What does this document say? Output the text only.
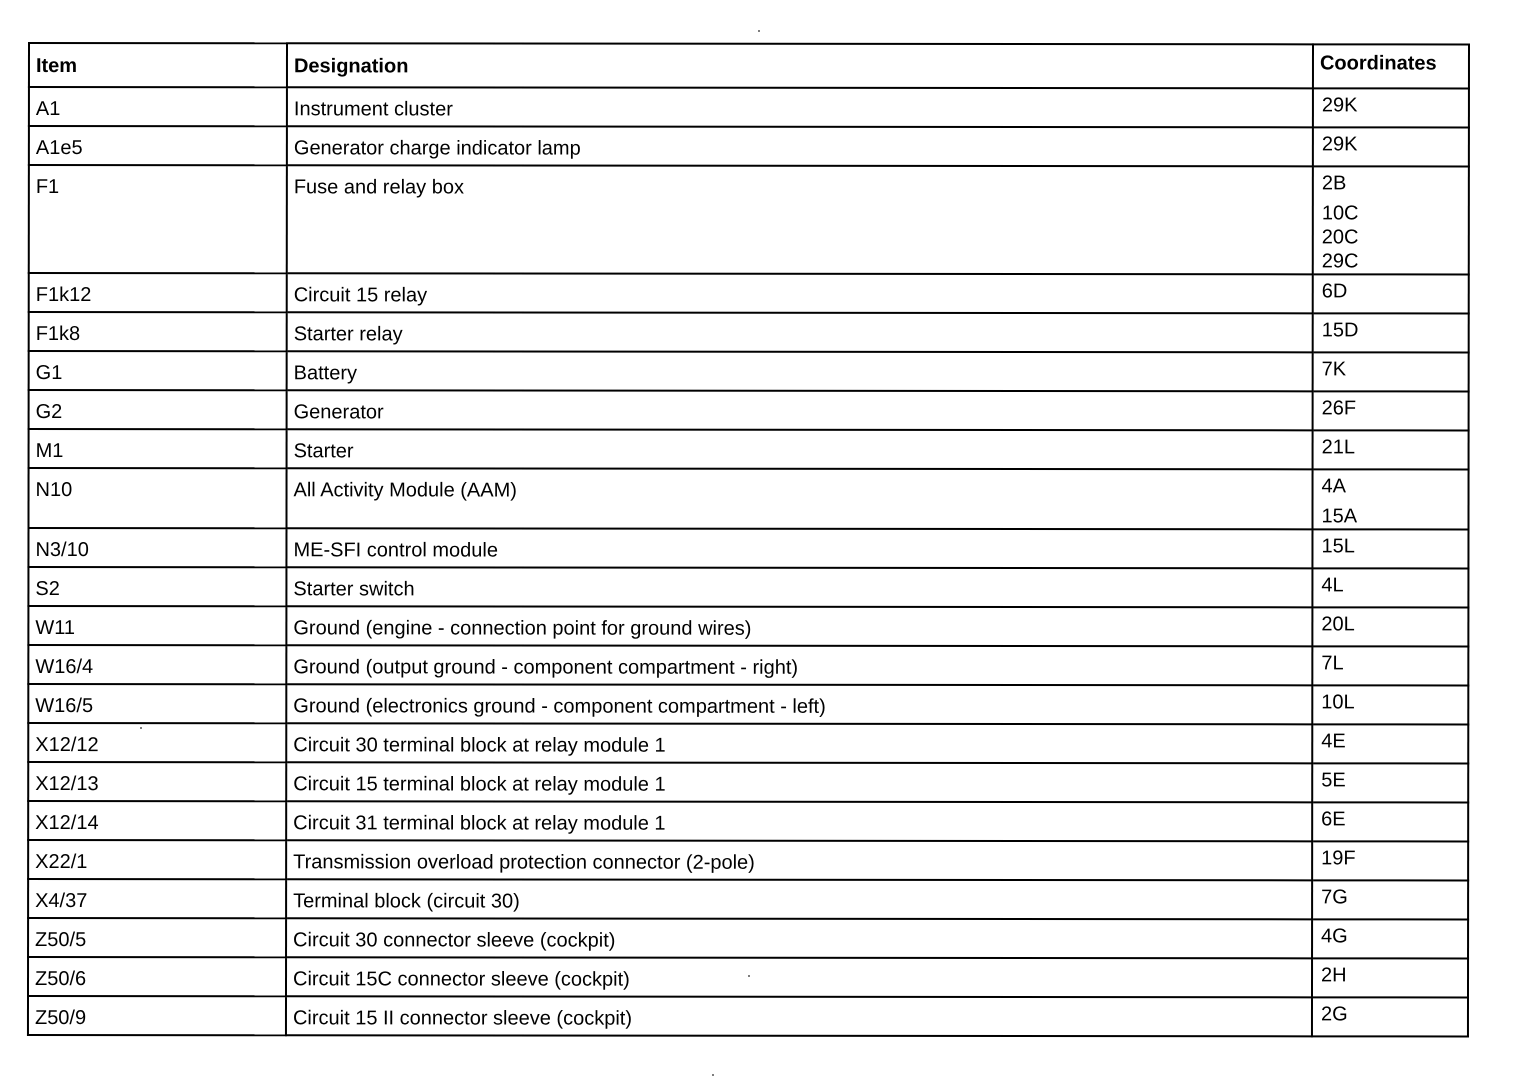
Item	Designation	Coordinates
A1	Instrument cluster	29K

A1e5	Generator charge indicator lamp	29K

F1	Fuse and relay box	2B
10C
20C
29C

F1k12	Circuit 15 relay	6D

F1k8	Starter relay	15D

G1	Battery	7K

G2	Generator	26F

M1	Starter	21L

N10	All Activity Module (AAM)	4A
15A

N3/10	ME-SFI control module	15L

S2	Starter switch	4L

W11	Ground (engine - connection point for ground wires)	20L

W16/4	Ground (output ground - component compartment - right)	7L

W16/5	Ground (electronics ground - component compartment - left)	10L

X12/12	Circuit 30 terminal block at relay module 1	4E

X12/13	Circuit 15 terminal block at relay module 1	5E

X12/14	Circuit 31 terminal block at relay module 1	6E

X22/1	Transmission overload protection connector (2-pole)	19F

X4/37	Terminal block (circuit 30)	7G

Z50/5	Circuit 30 connector sleeve (cockpit)	4G

Z50/6	Circuit 15C connector sleeve (cockpit)	2H

Z50/9	Circuit 15 II connector sleeve (cockpit)	2G
